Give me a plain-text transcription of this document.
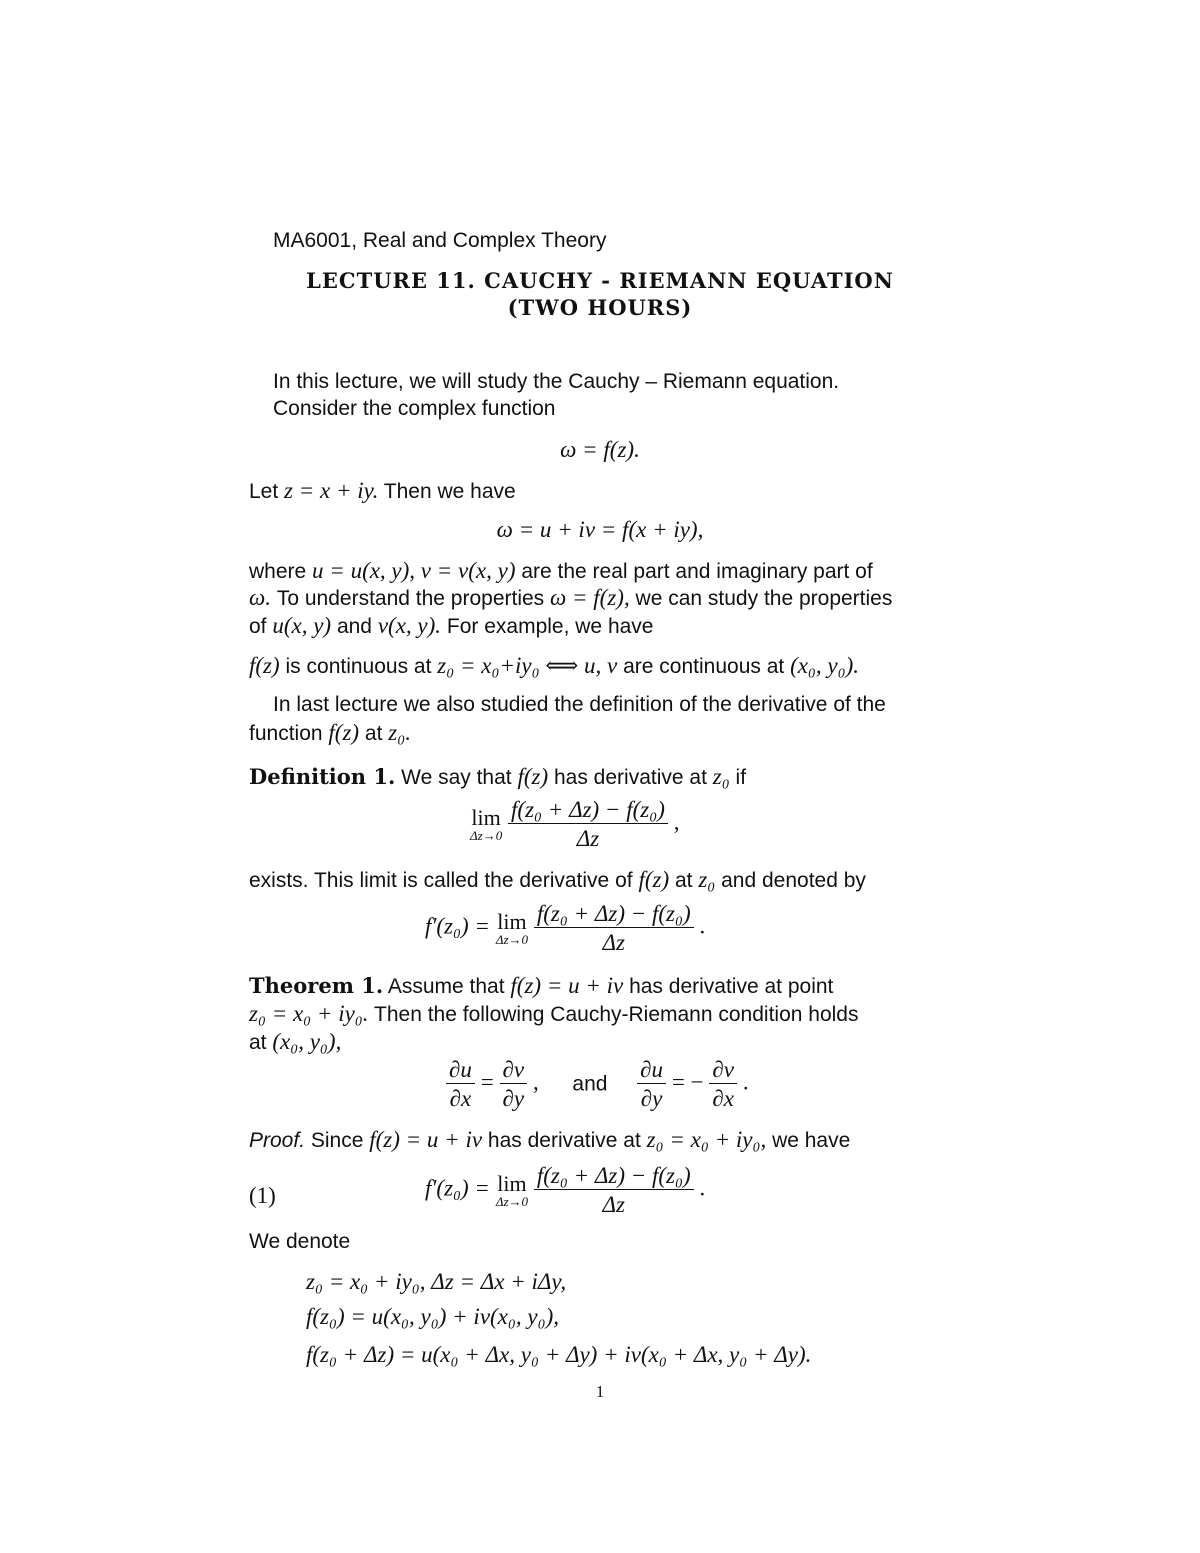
MA6001, Real and Complex Theory
LECTURE 11. CAUCHY - RIEMANN EQUATION
(TWO HOURS)
In this lecture, we will study the Cauchy – Riemann equation.
Consider the complex function
ω = f(z).
Let z = x + iy. Then we have
ω = u + iv = f(x + iy),
where u = u(x, y), v = v(x, y) are the real part and imaginary part of
ω. To understand the properties ω = f(z), we can study the properties
of u(x, y) and v(x, y). For example, we have
f(z) is continuous at z₀ = x₀+iy₀ ⟺ u, v are continuous at (x₀, y₀).
In last lecture we also studied the definition of the derivative of the
function f(z) at z₀.
Definition 1. We say that f(z) has derivative at z₀ if
lim
Δz→0
$\frac{\text{f(z₀ + Δz) − f(z₀)}}{\Delta z}$ ,
exists. This limit is called the derivative of f(z) at z₀ and denoted by
f′(z₀) = lim
Δz→0
$\frac{\text{f(z₀ + Δz) − f(z₀)}}{\Delta z}$ .
Theorem 1. Assume that f(z) = u + iv has derivative at point
z₀ = x₀ + iy₀. Then the following Cauchy-Riemann condition holds
at (x₀, y₀),
$\frac{\partial u}{\partial x} = \frac{\partial v}{\partial y}$ , and $\frac{\partial u}{\partial y}$ = − $\frac{\partial v}{\partial x}$ .
Proof. Since f(z) = u + iv has derivative at z₀ = x₀ + iy₀, we have
(1)	f′(z₀) = lim
Δz→0
$\frac{\text{f(z₀ + Δz) − f(z₀)}}{\Delta z}$ .
We denote
z₀ = x₀ + iy₀, Δz = Δx + iΔy,
f(z₀) = u(x₀, y₀) + iv(x₀, y₀),
f(z₀ + Δz) = u(x₀ + Δx, y₀ + Δy) + iv(x₀ + Δx, y₀ + Δy).
1
